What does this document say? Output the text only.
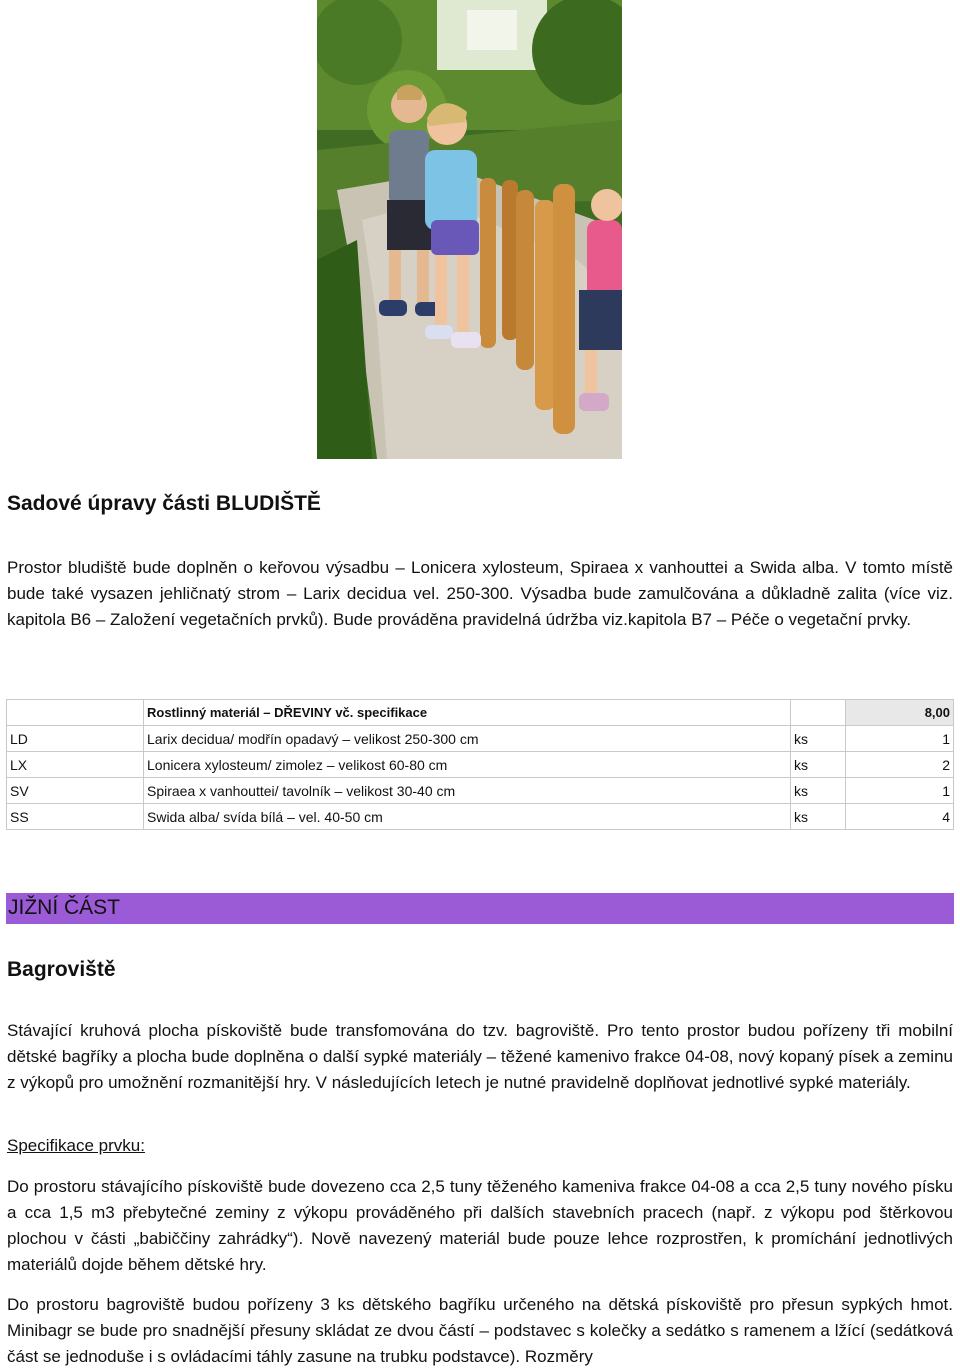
Sadové úpravy části BLUDIŠTĚ

Prostor bludiště bude doplněn o keřovou výsadbu – Lonicera xylosteum, Spiraea x vanhouttei a Swida alba. V tomto místě bude také vysazen jehličnatý strom – Larix decidua vel. 250-300. Výsadba bude zamulčována a důkladně zalita (více viz. kapitola B6 – Založení vegetačních prvků). Bude prováděna pravidelná údržba viz.kapitola B7 – Péče o vegetační prvky.

	Rostlinný materiál – DŘEVINY vč. specifikace		8,00
LD	Larix decidua/ modřín opadavý – velikost 250-300 cm	ks	1
LX	Lonicera xylosteum/ zimolez – velikost 60-80 cm	ks	2
SV	Spiraea x vanhouttei/ tavolník – velikost 30-40 cm	ks	1
SS	Swida alba/ svída bílá – vel. 40-50 cm	ks	4
JIŽNÍ ČÁST
Bagroviště

Stávající kruhová plocha pískoviště bude transfomována do tzv. bagroviště. Pro tento prostor budou pořízeny tři mobilní dětské bagříky a plocha bude doplněna o další sypké materiály – těžené kamenivo frakce 04-08, nový kopaný písek a zeminu z výkopů pro umožnění rozmanitější hry. V následujících letech je nutné pravidelně doplňovat jednotlivé sypké materiály.

Specifikace prvku:

Do prostoru stávajícího pískoviště bude dovezeno cca 2,5 tuny těženého kameniva frakce 04-08 a cca 2,5 tuny nového písku a cca 1,5 m3 přebytečné zeminy z výkopu prováděného při dalších stavebních pracech (např. z výkopu pod štěrkovou plochou v části „babiččiny zahrádky“). Nově navezený materiál bude pouze lehce rozprostřen, k promíchání jednotlivých materiálů dojde během dětské hry.

Do prostoru bagroviště budou pořízeny 3 ks dětského bagříku určeného na dětská pískoviště pro přesun sypkých hmot. Minibagr se bude pro snadnější přesuny skládat ze dvou částí – podstavec s kolečky a sedátko s ramenem a lžící (sedátková část se jednoduše i s ovládacími táhly zasune na trubku podstavce). Rozměry
